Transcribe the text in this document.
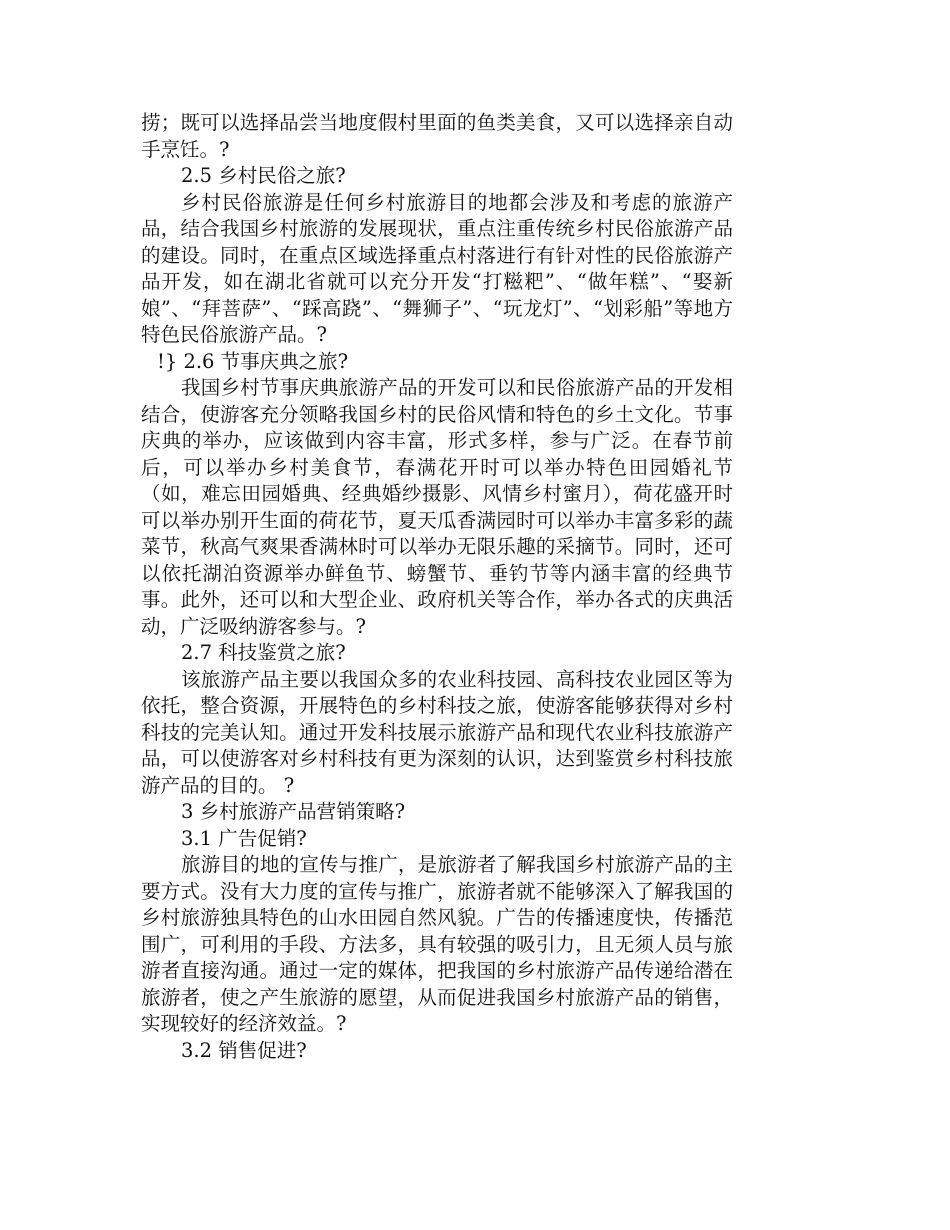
捞；既可以选择品尝当地度假村里面的鱼类美食，又可以选择亲自动手烹饪。?

2.5 乡村民俗之旅?

乡村民俗旅游是任何乡村旅游目的地都会涉及和考虑的旅游产品，结合我国乡村旅游的发展现状，重点注重传统乡村民俗旅游产品的建设。同时，在重点区域选择重点村落进行有针对性的民俗旅游产品开发，如在湖北省就可以充分开发“打糍粑”、“做年糕”、“娶新娘”、“拜菩萨”、“踩高跷”、“舞狮子”、“玩龙灯”、“划彩船”等地方特色民俗旅游产品。?

!} 2.6 节事庆典之旅?

我国乡村节事庆典旅游产品的开发可以和民俗旅游产品的开发相结合，使游客充分领略我国乡村的民俗风情和特色的乡土文化。节事庆典的举办，应该做到内容丰富，形式多样，参与广泛。在春节前后，可以举办乡村美食节，春满花开时可以举办特色田园婚礼节（如，难忘田园婚典、经典婚纱摄影、风情乡村蜜月），荷花盛开时可以举办别开生面的荷花节，夏天瓜香满园时可以举办丰富多彩的蔬菜节，秋高气爽果香满林时可以举办无限乐趣的采摘节。同时，还可以依托湖泊资源举办鲜鱼节、螃蟹节、垂钓节等内涵丰富的经典节事。此外，还可以和大型企业、政府机关等合作，举办各式的庆典活动，广泛吸纳游客参与。?

2.7 科技鉴赏之旅?

该旅游产品主要以我国众多的农业科技园、高科技农业园区等为依托，整合资源，开展特色的乡村科技之旅，使游客能够获得对乡村科技的完美认知。通过开发科技展示旅游产品和现代农业科技旅游产品，可以使游客对乡村科技有更为深刻的认识，达到鉴赏乡村科技旅游产品的目的。 ?

3 乡村旅游产品营销策略?

3.1 广告促销?

旅游目的地的宣传与推广，是旅游者了解我国乡村旅游产品的主要方式。没有大力度的宣传与推广，旅游者就不能够深入了解我国的乡村旅游独具特色的山水田园自然风貌。广告的传播速度快，传播范围广，可利用的手段、方法多，具有较强的吸引力，且无须人员与旅游者直接沟通。通过一定的媒体，把我国的乡村旅游产品传递给潜在旅游者，使之产生旅游的愿望，从而促进我国乡村旅游产品的销售，实现较好的经济效益。?

3.2 销售促进?
